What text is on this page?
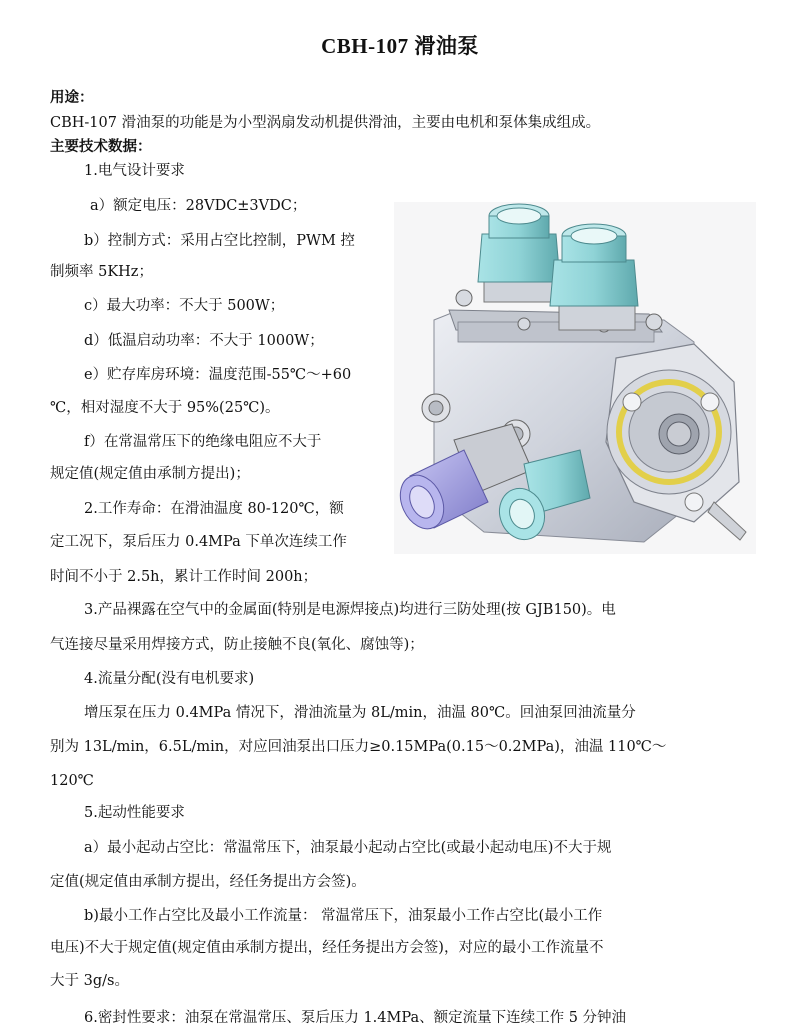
CBH-107 滑油泵
用途：
CBH-107 滑油泵的功能是为小型涡扇发动机提供滑油，主要由电机和泵体集成组成。
主要技术数据：
1.电气设计要求
a）额定电压：28VDC±3VDC；
b）控制方式：采用占空比控制，PWM 控
制频率 5KHz；
c）最大功率：不大于 500W；
d）低温启动功率：不大于 1000W；
e）贮存库房环境：温度范围-55℃～+60
℃，相对湿度不大于 95%(25℃)。
f）在常温常压下的绝缘电阻应不大于
规定值(规定值由承制方提出)；
2.工作寿命：在滑油温度 80-120℃，额
定工况下，泵后压力 0.4MPa 下单次连续工作
时间不小于 2.5h，累计工作时间 200h；
3.产品裸露在空气中的金属面(特别是电源焊接点)均进行三防处理(按 GJB150)。电
气连接尽量采用焊接方式，防止接触不良(氧化、腐蚀等)；
4.流量分配(没有电机要求)
增压泵在压力 0.4MPa 情况下，滑油流量为 8L/min，油温 80℃。回油泵回油流量分
别为 13L/min，6.5L/min，对应回油泵出口压力≥0.15MPa(0.15～0.2MPa)，油温 110℃～
120℃
5.起动性能要求
a）最小起动占空比：常温常压下，油泵最小起动占空比(或最小起动电压)不大于规
定值(规定值由承制方提出，经任务提出方会签)。
b)最小工作占空比及最小工作流量： 常温常压下，油泵最小工作占空比(最小工作
电压)不大于规定值(规定值由承制方提出，经任务提出方会签)，对应的最小工作流量不
大于 3g/s。
6.密封性要求：油泵在常温常压、泵后压力 1.4MPa、额定流量下连续工作 5 分钟油
